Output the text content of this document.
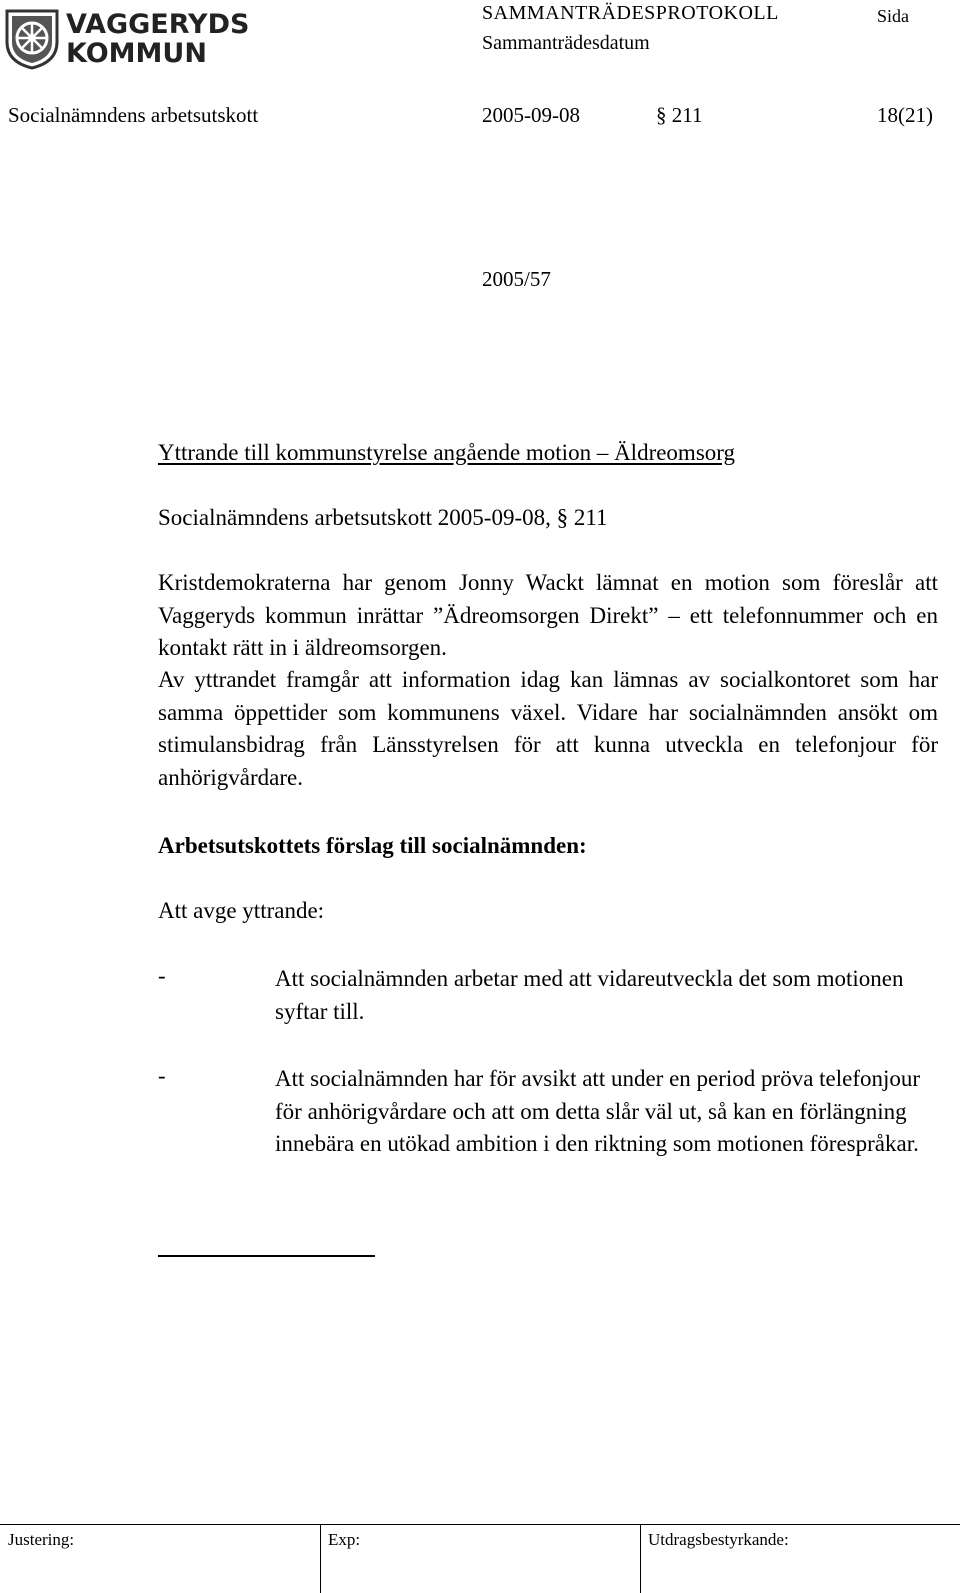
VAGGERYDS
KOMMUN
SAMMANTRÄDESPROTOKOLL	Sida
Sammanträdesdatum
Socialnämndens arbetsutskott	2005-09-08	§ 211	18(21)
2005/57
Yttrande till kommunstyrelse angående motion – Äldreomsorg
Socialnämndens arbetsutskott 2005-09-08, § 211
Kristdemokraterna har genom Jonny Wackt lämnat en motion som föreslår att Vaggeryds kommun inrättar ”Ädreomsorgen Direkt” – ett telefonnummer och en kontakt rätt in i äldreomsorgen.
Av yttrandet framgår att information idag kan lämnas av socialkontoret som har samma öppettider som kommunens växel. Vidare har socialnämnden ansökt om stimulansbidrag från Länsstyrelsen för att kunna utveckla en telefonjour för anhörigvårdare.
Arbetsutskottets förslag till socialnämnden:
Att avge yttrande:
-	Att socialnämnden arbetar med att vidareutveckla det som motionen syftar till.
-	Att socialnämnden har för avsikt att under en period pröva telefonjour för anhörigvårdare och att om detta slår väl ut, så kan en förlängning innebära en utökad ambition i den riktning som motionen förespråkar.
Justering:	Exp:	Utdragsbestyrkande:
